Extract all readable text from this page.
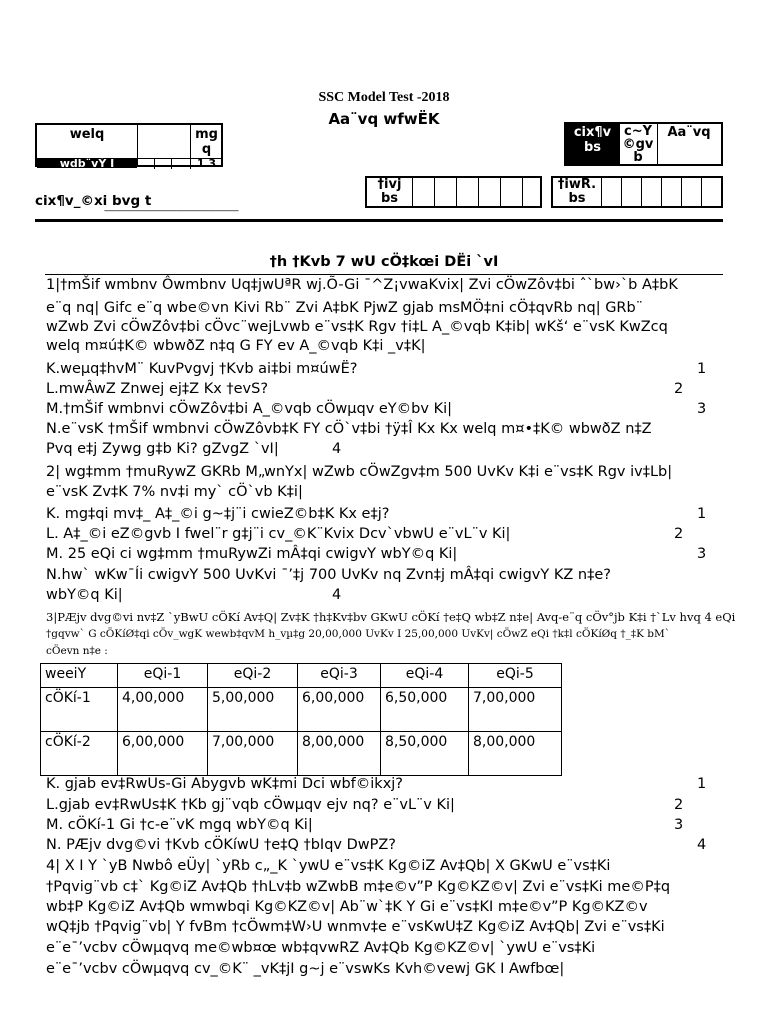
SSC Model Test -2018
Aa¨vq wfwËK
welq	mg
q
wdb¨vÝ I	1 3
cix¶v
bs
c~Y
©gv
b
Aa¨vq
†ivj
bs
†iwR.
bs
cix¶v_©xi bvg t
-----------------------------------------------------------------------
†h †Kvb 7 wU cÖ‡kœi DËi `vI
1|†mŠif wmbnv Ôwmbnv Uq‡jwUªR wj.Õ-Gi ¯^Z¡vwaKvix| Zvi cÖwZôv‡bi ˆ`bw›`b A‡bK
e¨q nq| Gifc e¨q wbe©vn Kivi Rb¨ Zvi A‡bK PjwZ gjab msMÖ‡ni cÖ‡qvRb nq| GRb¨
wZwb Zvi cÖwZôv‡bi cÖvc¨wejLvwb e¨vs‡K Rgv †i‡L A_©vqb K‡ib| wKš‘ e¨vsK KwZcq
welq m¤ú‡K© wbwðZ n‡q G FY ev A_©vqb K‡i _v‡K|
K.weµq‡hvM¨ KuvPvgvj †Kvb ai‡bi m¤úwË?	1
L.mwÂwZ Znwej ej‡Z Kx †evS?	2
M.†mŠif wmbnvi cÖwZôv‡bi A_©vqb cÖwµqv eY©bv Ki|	3
N.e¨vsK †mŠif wmbnvi cÖwZôvb‡K FY cÖ`v‡bi †ÿ‡Î Kx Kx welq m¤•‡K© wbwðZ n‡Z
Pvq e‡j Zywg g‡b Ki? gZvgZ `vI|	4
2| wg‡mm †muRywZ GKRb M„wnYx| wZwb cÖwZgv‡m 500 UvKv K‡i e¨vs‡K Rgv iv‡Lb|
e¨vsK Zv‡K 7% nv‡i my` cÖ`vb K‡i|
K. mg‡qi mv‡_ A‡_©i g~‡j¨i cwieZ©b‡K Kx e‡j?	1
L. A‡_©i eZ©gvb I fwel¨r g‡j¨i cv_©K¨Kvix Dcv`vbwU e¨vL¨v Ki|	2
M. 25 eQi ci wg‡mm †muRywZi mÂ‡qi cwigvY wbY©q Ki|	3
N.hw` wKw¯Íi cwigvY 500 UvKvi ¯’‡j 700 UvKv nq Zvn‡j mÂ‡qi cwigvY KZ n‡e?
wbY©q Ki|	4
3|PÆjv dvg©vi nv‡Z `yBwU cÖKí Av‡Q| Zv‡K †h‡Kv‡bv GKwU cÖKí †e‡Q wb‡Z n‡e| Avq-e¨q cÖv°jb K‡i †`Lv hvq 4 eQi
†gqvw` G cÖKíØ‡qi cÖv_wgK wewb‡qvM h_vµ‡g 20,00,000 UvKv I 25,00,000 UvKv| cÖwZ eQi †k‡l cÖKíØq †_‡K bM`
cÖevn n‡e :
weeiY	eQi-1	eQi-2	eQi-3	eQi-4	eQi-5
cÖKí-1	4,00,000	5,00,000	6,00,000	6,50,000	7,00,000
cÖKí-2	6,00,000	7,00,000	8,00,000	8,50,000	8,00,000
K. gjab ev‡RwUs-Gi Abygvb wK‡mi Dci wbf©ikxj?	1
L.gjab ev‡RwUs‡K †Kb gj¨vqb cÖwµqv ejv nq? e¨vL¨v Ki|	2
M. cÖKí-1 Gi †c-e¨vK mgq wbY©q Ki|	3
N. PÆjv dvg©vi †Kvb cÖKíwU †e‡Q †bIqv DwPZ?	4
4| X I Y `yB Nwbô eÜy| `yRb c„_K `ywU e¨vs‡K Kg©iZ Av‡Qb| X GKwU e¨vs‡Ki
†Pqvig¨vb c‡` Kg©iZ Av‡Qb †hLv‡b wZwbB m‡e©v”P Kg©KZ©v| Zvi e¨vs‡Ki me©P‡q
wb‡P Kg©iZ Av‡Qb wmwbqi Kg©KZ©v| Ab¨w`‡K Y Gi e¨vs‡KI m‡e©v”P Kg©KZ©v
wQ‡jb †Pqvig¨vb| Y fvBm †cÖwm‡W›U wnmv‡e e¨vsKwU‡Z Kg©iZ Av‡Qb| Zvi e¨vs‡Ki
e¨e¯’vcbv cÖwµqvq me©wb¤œ wb‡qvwRZ Av‡Qb Kg©KZ©v| `ywU e¨vs‡Ki
e¨e¯’vcbv cÖwµqvq cv_©K¨ _vK‡jI g~j e¨vswKs Kvh©vewj GK I Awfbœ|
